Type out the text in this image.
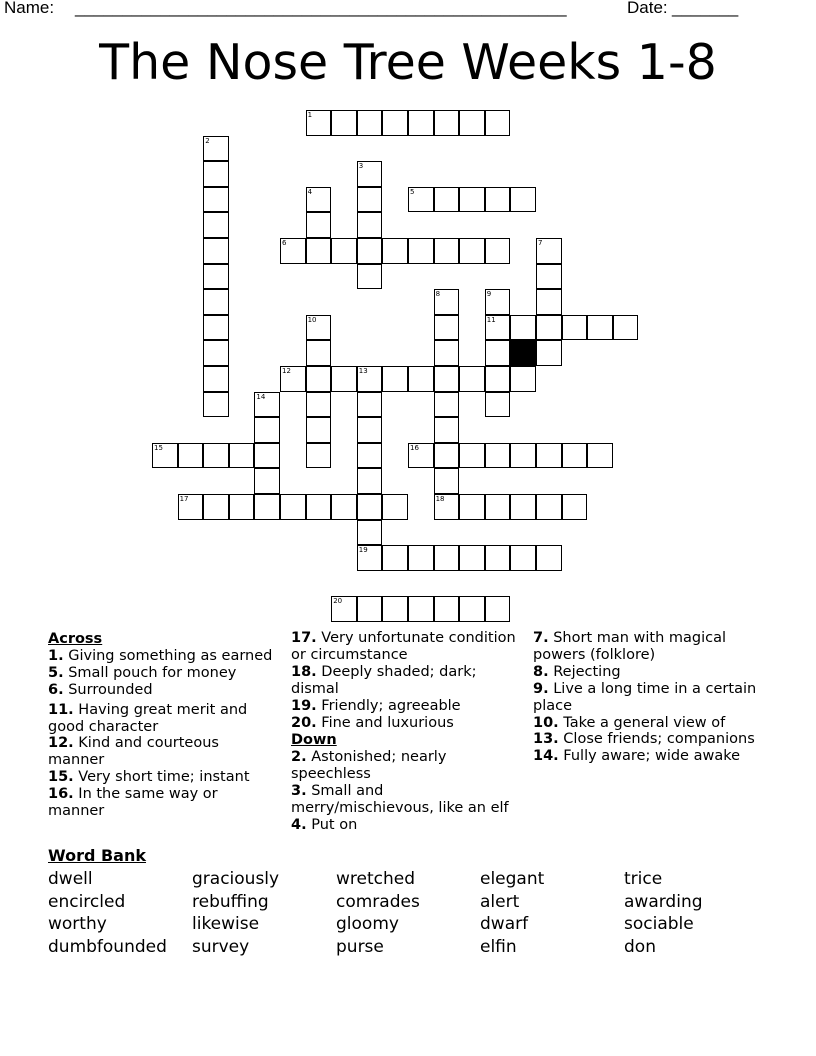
Name: ____________________________________________________	Date: _______
The Nose Tree Weeks 1-8
1
2
3
4	5
6	7
8
18
9
11
10
12	13
14
15	16
17
19
20
Across
1. Giving something as earned
5. Small pouch for money
6. Surrounded
11. Having great merit and good character
12. Kind and courteous manner
15. Very short time; instant
16. In the same way or manner
17. Very unfortunate condition or circumstance
18. Deeply shaded; dark; dismal
19. Friendly; agreeable
20. Fine and luxurious
Down
2. Astonished; nearly speechless
3. Small and merry/mischievous, like an elf
4. Put on
7. Short man with magical powers (folklore)
8. Rejecting
9. Live a long time in a certain place
10. Take a general view of
13. Close friends; companions
14. Fully aware; wide awake
Word Bank
dwell
encircled
worthy
dumbfounded
graciously
rebuffing
likewise
survey
wretched
comrades
gloomy
purse
elegant
alert
dwarf
elfin
trice
awarding
sociable
don
